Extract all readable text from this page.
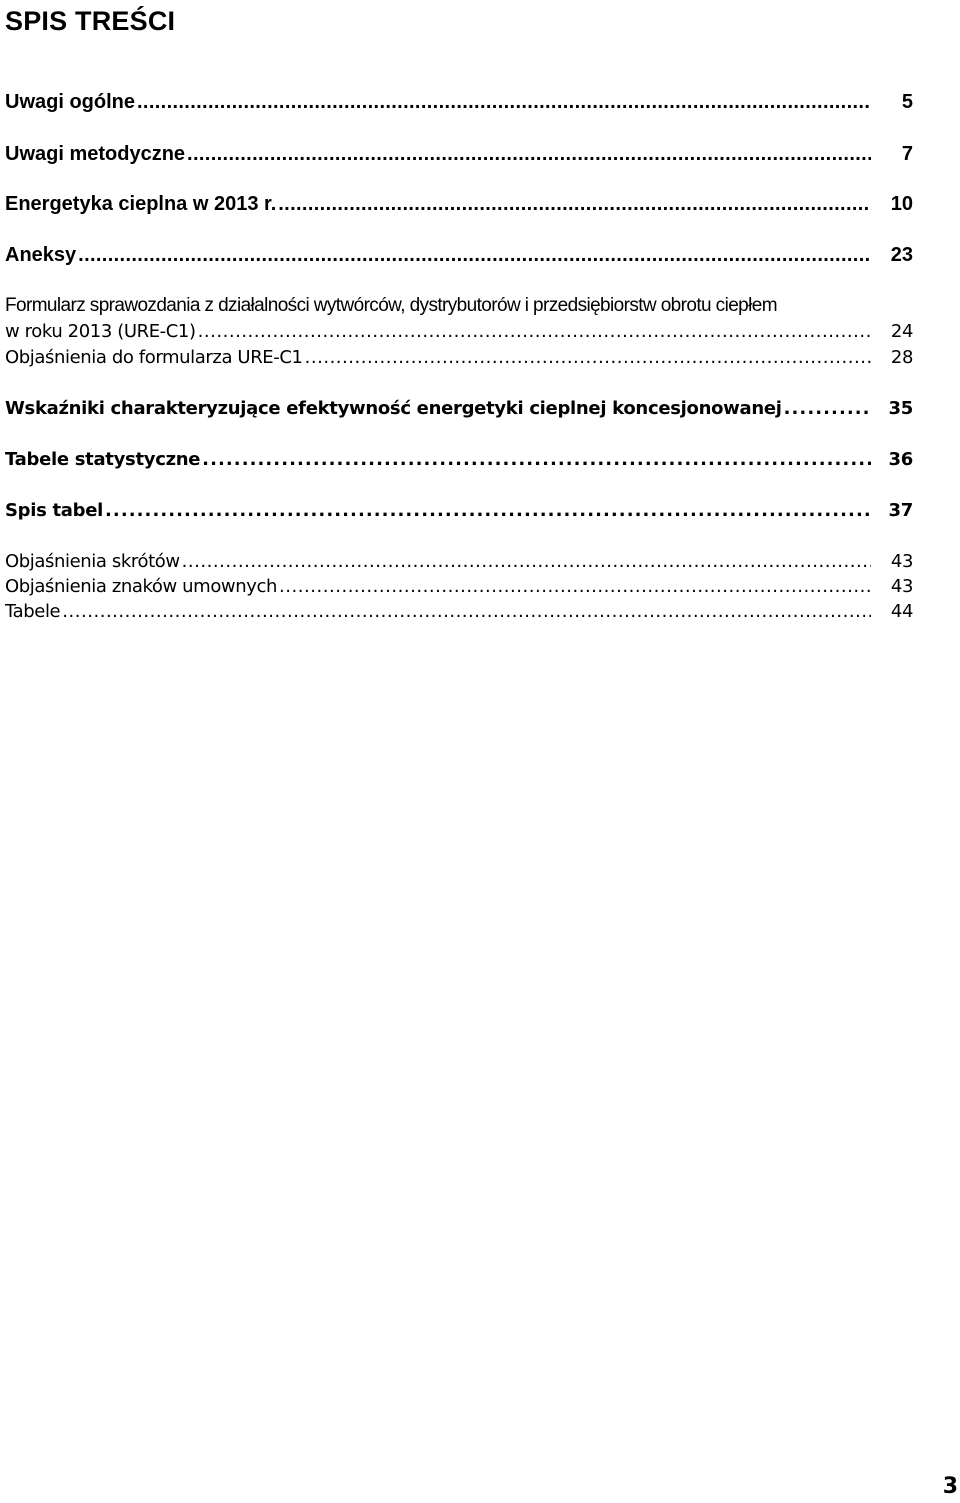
SPIS TREŚCI
Uwagi ogólne . . .	5
Uwagi metodyczne . . .	7
Energetyka cieplna w 2013 r. . . .	10
Aneksy . . .	23
Formularz sprawozdania z działalności wytwórców, dystrybutorów i przedsiębiorstw obrotu ciepłem
w roku 2013 (URE-C1) . . .	24
Objaśnienia do formularza URE-C1 . . .	28
Wskaźniki charakteryzujące efektywność energetyki cieplnej koncesjonowanej . . .	35
Tabele statystyczne . . .	36
Spis tabel . . .	37
Objaśnienia skrótów . . .	43
Objaśnienia znaków umownych . . .	43
Tabele . . .	44
3
